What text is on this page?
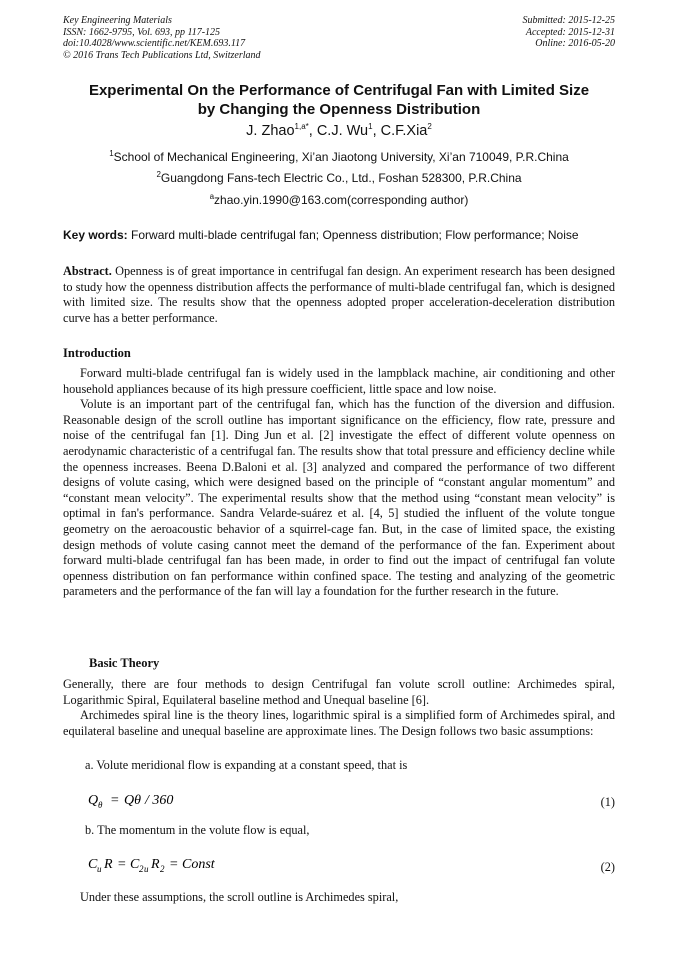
Key Engineering Materials
ISSN: 1662-9795, Vol. 693, pp 117-125
doi:10.4028/www.scientific.net/KEM.693.117
© 2016 Trans Tech Publications Ltd, Switzerland
Submitted: 2015-12-25
Accepted: 2015-12-31
Online: 2016-05-20
Experimental On the Performance of Centrifugal Fan with Limited Size
by Changing the Openness Distribution
J. Zhao$^{1,a*}$, C.J. Wu$^1$, C.F.Xia$^2$
$^1$School of Mechanical Engineering, Xi’an Jiaotong University, Xi’an 710049, P.R.China
$^2$Guangdong Fans-tech Electric Co., Ltd., Foshan 528300, P.R.China
$^a$zhao.yin.1990@163.com(corresponding author)
Key words: Forward multi-blade centrifugal fan; Openness distribution; Flow performance; Noise
Abstract. Openness is of great importance in centrifugal fan design. An experiment research has been designed to study how the openness distribution affects the performance of multi-blade centrifugal fan, which is designed with limited size. The results show that the openness adopted proper acceleration-deceleration distribution curve has a better performance.
Introduction

Forward multi-blade centrifugal fan is widely used in the lampblack machine, air conditioning and other household appliances because of its high pressure coefficient, little space and low noise.

Volute is an important part of the centrifugal fan, which has the function of the diversion and diffusion. Reasonable design of the scroll outline has important significance on the efficiency, flow rate, pressure and noise of the centrifugal fan [1]. Ding Jun et al. [2] investigate the effect of different volute openness on aerodynamic characteristic of a centrifugal fan. The results show that total pressure and efficiency decline while the openness increases. Beena D.Baloni et al. [3] analyzed and compared the performance of two different designs of volute casing, which were designed based on the principle of “constant angular momentum” and “constant mean velocity”. The experimental results show that the method using “constant mean velocity” is optimal in fan's performance. Sandra Velarde-suárez et al. [4, 5] studied the influent of the volute tongue geometry on the aeroacoustic behavior of a squirrel-cage fan. But, in the case of limited space, the existing design methods of volute casing cannot meet the demand of the performance of the fan. Experiment about forward multi-blade centrifugal fan has been made, in order to find out the impact of centrifugal fan volute openness distribution on fan performance within confined space. The testing and analyzing of the geometric parameters and the performance of the fan will lay a foundation for the further research in the future.

Basic Theory

Generally, there are four methods to design Centrifugal fan volute scroll outline: Archimedes spiral, Logarithmic Spiral, Equilateral baseline method and Unequal baseline [6].

Archimedes spiral line is the theory lines, logarithmic spiral is a simplified form of Archimedes spiral, and equilateral baseline and unequal baseline are approximate lines. The Design follows two basic assumptions:

a. Volute meridional flow is expanding at a constant speed, that is
Q θ = Qθ / 360	(1)
b. The momentum in the volute flow is equal,
C u R = C 2 u R 2 = Const	(2)
Under these assumptions, the scroll outline is Archimedes spiral,
